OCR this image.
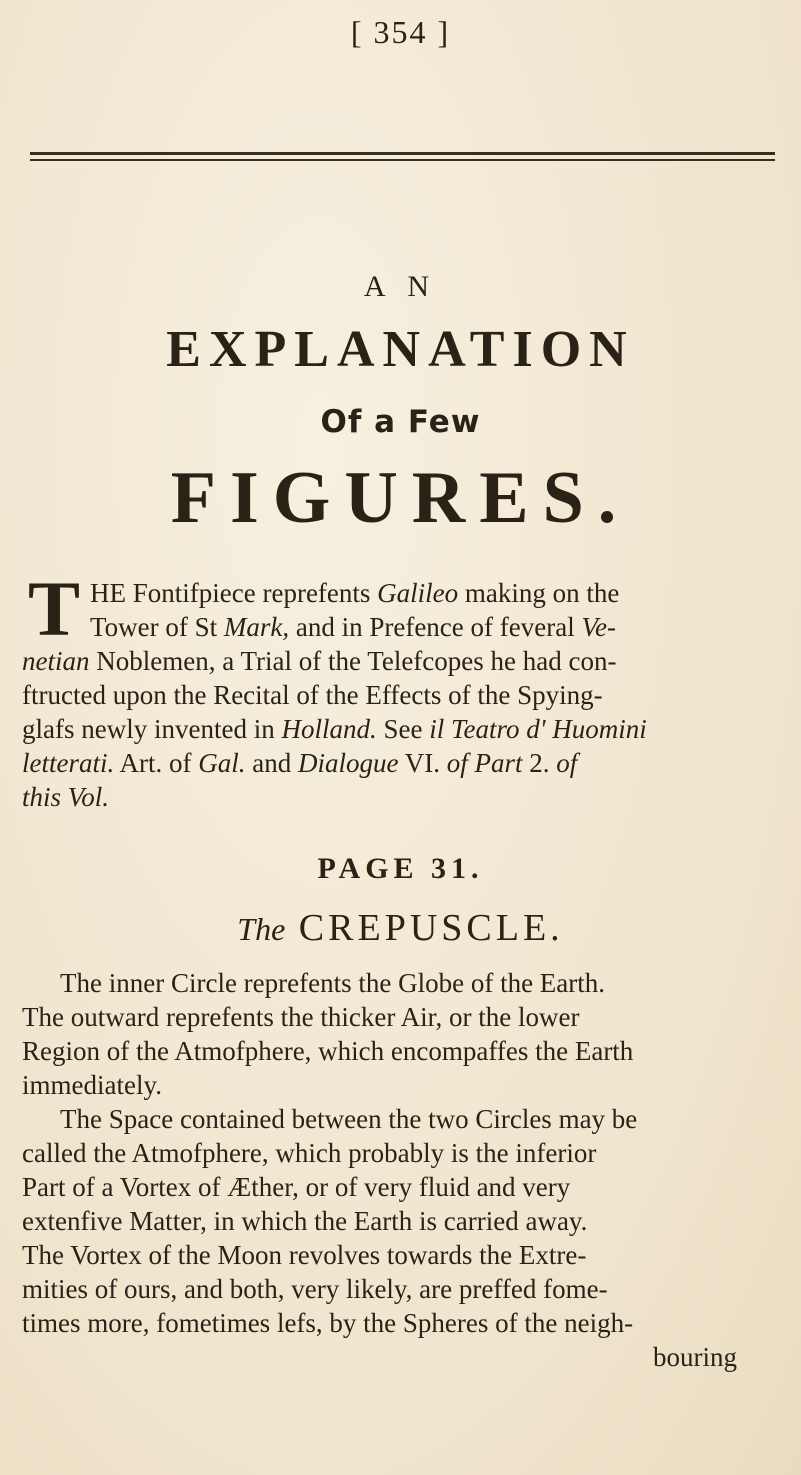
[ 354 ]
A N
EXPLANATION
Of a Few
FIGURES.
T HE Fontifpiece reprefents Galileo making on the
Tower of St Mark, and in Prefence of feveral Ve-
netian Noblemen, a Trial of the Telefcopes he had con-
ftructed upon the Recital of the Effects of the Spying-
glafs newly invented in Holland. See il Teatro d' Huomini
letterati. Art. of Gal. and Dialogue VI. of Part 2. of
this Vol.
PAGE 31.
The CREPUSCLE.
The inner Circle reprefents the Globe of the Earth.
The outward reprefents the thicker Air, or the lower
Region of the Atmofphere, which encompaffes the Earth
immediately.
The Space contained between the two Circles may be
called the Atmofphere, which probably is the inferior
Part of a Vortex of Æther, or of very fluid and very
extenfive Matter, in which the Earth is carried away.
The Vortex of the Moon revolves towards the Extre-
mities of ours, and both, very likely, are preffed fome-
times more, fometimes lefs, by the Spheres of the neigh-
bouring
